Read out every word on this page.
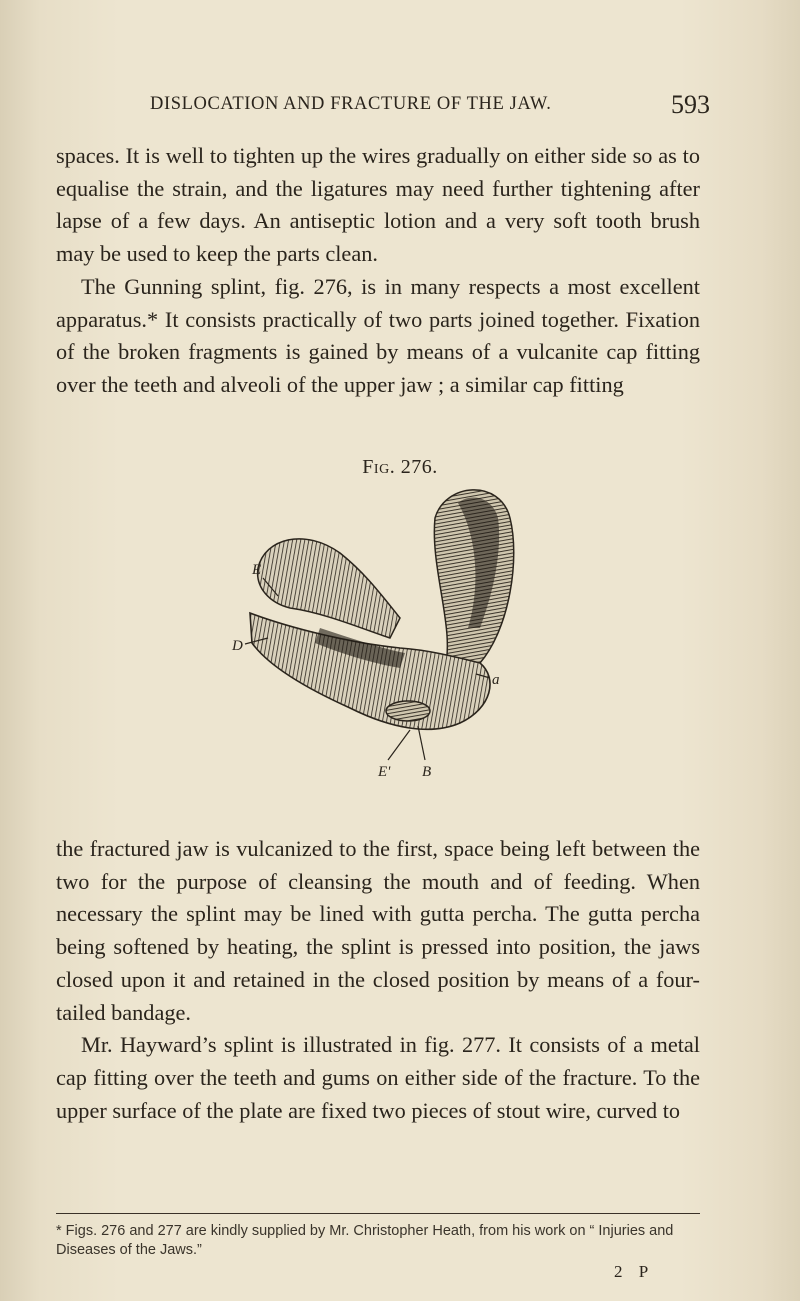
DISLOCATION AND FRACTURE OF THE JAW.	593

spaces. It is well to tighten up the wires gradually on either side so as to equalise the strain, and the ligatures may need further tightening after lapse of a few days. An antiseptic lotion and a very soft tooth brush may be used to keep the parts clean.

The Gunning splint, fig. 276, is in many respects a most excellent apparatus.* It consists practically of two parts joined together. Fixation of the broken fragments is gained by means of a vulcanite cap fitting over the teeth and alveoli of the upper jaw ; a similar cap fitting

Fig. 276.
E
D
a
E' B

the fractured jaw is vulcanized to the first, space being left between the two for the purpose of cleansing the mouth and of feeding. When necessary the splint may be lined with gutta percha. The gutta percha being softened by heating, the splint is pressed into position, the jaws closed upon it and retained in the closed position by means of a four-tailed bandage.

Mr. Hayward’s splint is illustrated in fig. 277. It consists of a metal cap fitting over the teeth and gums on either side of the fracture. To the upper surface of the plate are fixed two pieces of stout wire, curved to

* Figs. 276 and 277 are kindly supplied by Mr. Christopher Heath, from his work on “ Injuries and Diseases of the Jaws.”

2 P
